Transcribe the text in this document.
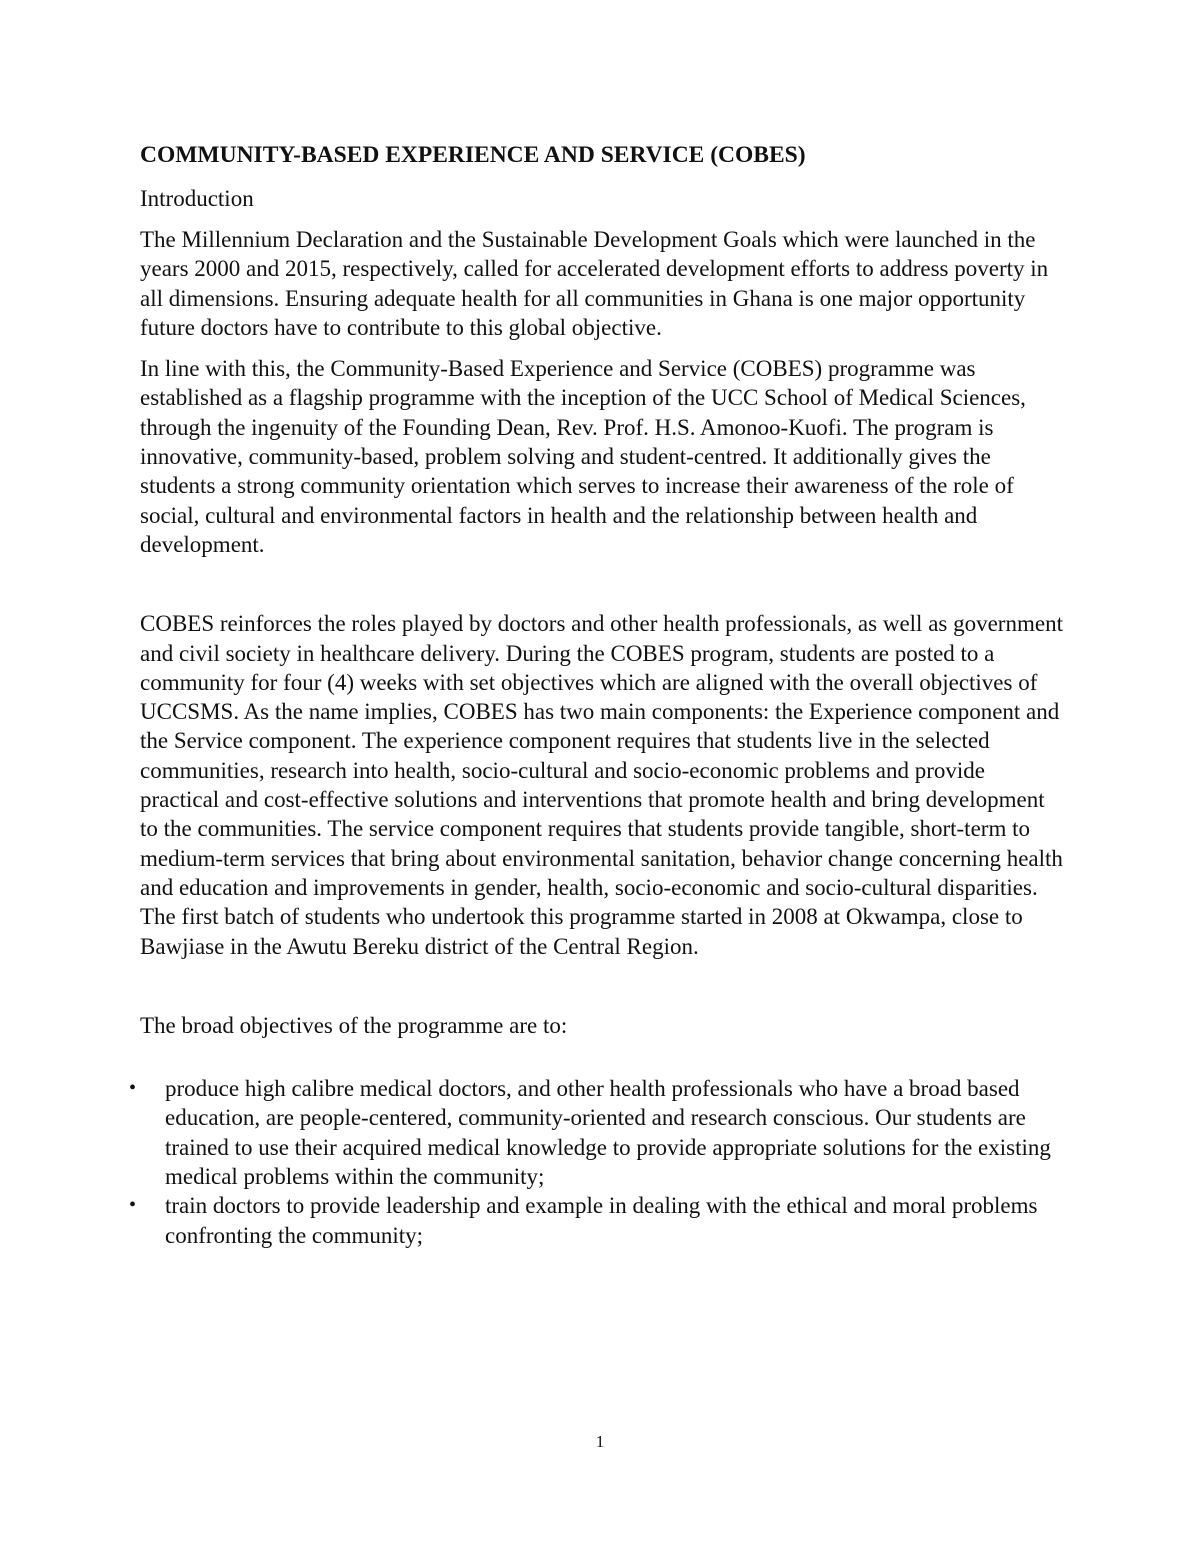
COMMUNITY-BASED EXPERIENCE AND SERVICE (COBES)
Introduction

The Millennium Declaration and the Sustainable Development Goals which were launched in the years 2000 and 2015, respectively, called for accelerated development efforts to address poverty in all dimensions. Ensuring adequate health for all communities in Ghana is one major opportunity future doctors have to contribute to this global objective.

In line with this, the Community-Based Experience and Service (COBES) programme was established as a flagship programme with the inception of the UCC School of Medical Sciences, through the ingenuity of the Founding Dean, Rev. Prof. H.S. Amonoo-Kuofi. The program is innovative, community-based, problem solving and student-centred. It additionally gives the students a strong community orientation which serves to increase their awareness of the role of social, cultural and environmental factors in health and the relationship between health and development.

COBES reinforces the roles played by doctors and other health professionals, as well as government and civil society in healthcare delivery. During the COBES program, students are posted to a community for four (4) weeks with set objectives which are aligned with the overall objectives of UCCSMS. As the name implies, COBES has two main components: the Experience component and the Service component. The experience component requires that students live in the selected communities, research into health, socio-cultural and socio-economic problems and provide practical and cost-effective solutions and interventions that promote health and bring development to the communities. The service component requires that students provide tangible, short-term to medium-term services that bring about environmental sanitation, behavior change concerning health and education and improvements in gender, health, socio-economic and socio-cultural disparities. The first batch of students who undertook this programme started in 2008 at Okwampa, close to Bawjiase in the Awutu Bereku district of the Central Region.

The broad objectives of the programme are to:

• produce high calibre medical doctors, and other health professionals who have a broad based education, are people-centered, community-oriented and research conscious. Our students are trained to use their acquired medical knowledge to provide appropriate solutions for the existing medical problems within the community;
• train doctors to provide leadership and example in dealing with the ethical and moral problems confronting the community;
1
